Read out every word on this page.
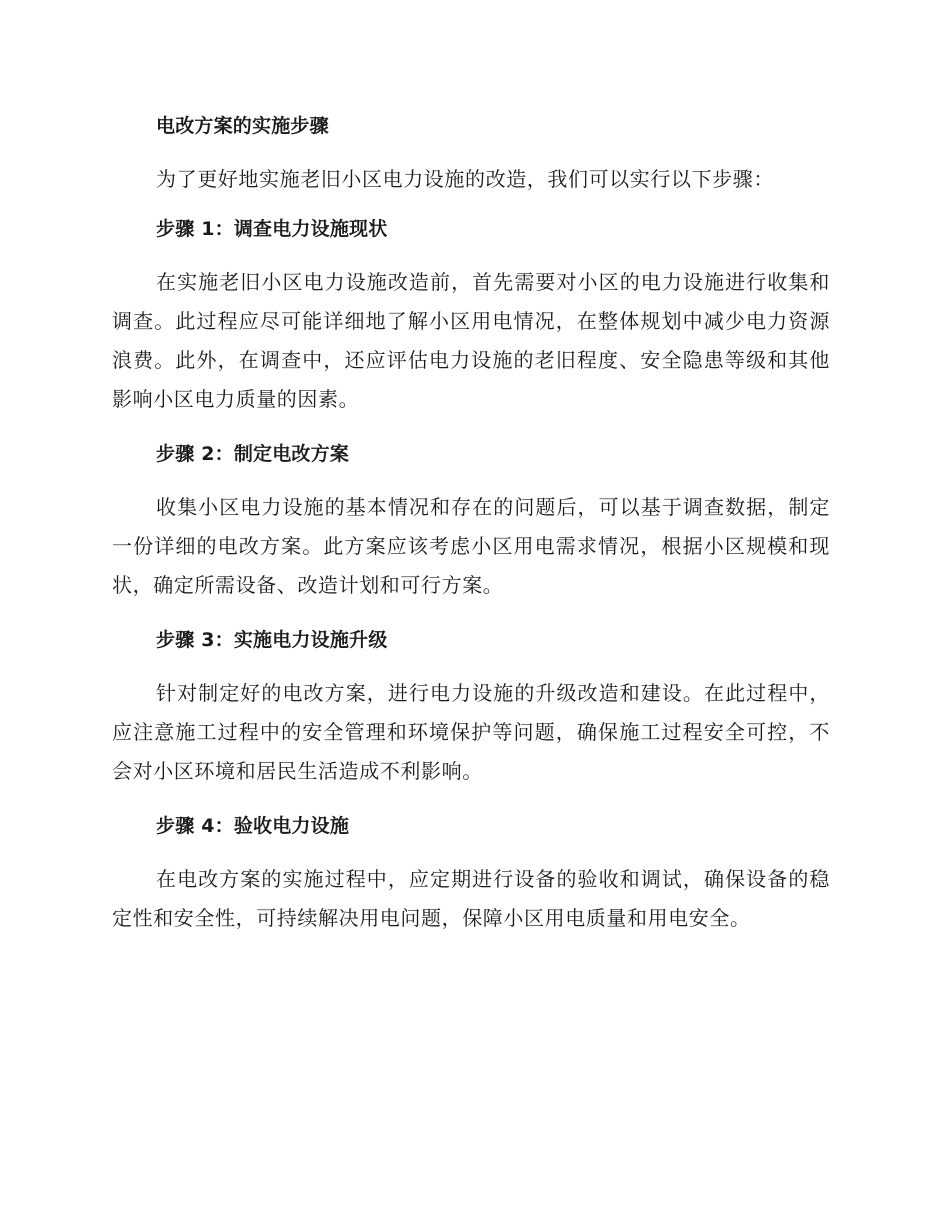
电改方案的实施步骤
为了更好地实施老旧小区电力设施的改造，我们可以实行以下步骤：
步骤 1：调查电力设施现状
在实施老旧小区电力设施改造前，首先需要对小区的电力设施进行收集和调查。此过程应尽可能详细地了解小区用电情况，在整体规划中减少电力资源浪费。此外，在调查中，还应评估电力设施的老旧程度、安全隐患等级和其他影响小区电力质量的因素。
步骤 2：制定电改方案
收集小区电力设施的基本情况和存在的问题后，可以基于调查数据，制定一份详细的电改方案。此方案应该考虑小区用电需求情况，根据小区规模和现状，确定所需设备、改造计划和可行方案。
步骤 3：实施电力设施升级
针对制定好的电改方案，进行电力设施的升级改造和建设。在此过程中，应注意施工过程中的安全管理和环境保护等问题，确保施工过程安全可控，不会对小区环境和居民生活造成不利影响。
步骤 4：验收电力设施
在电改方案的实施过程中，应定期进行设备的验收和调试，确保设备的稳定性和安全性，可持续解决用电问题，保障小区用电质量和用电安全。
